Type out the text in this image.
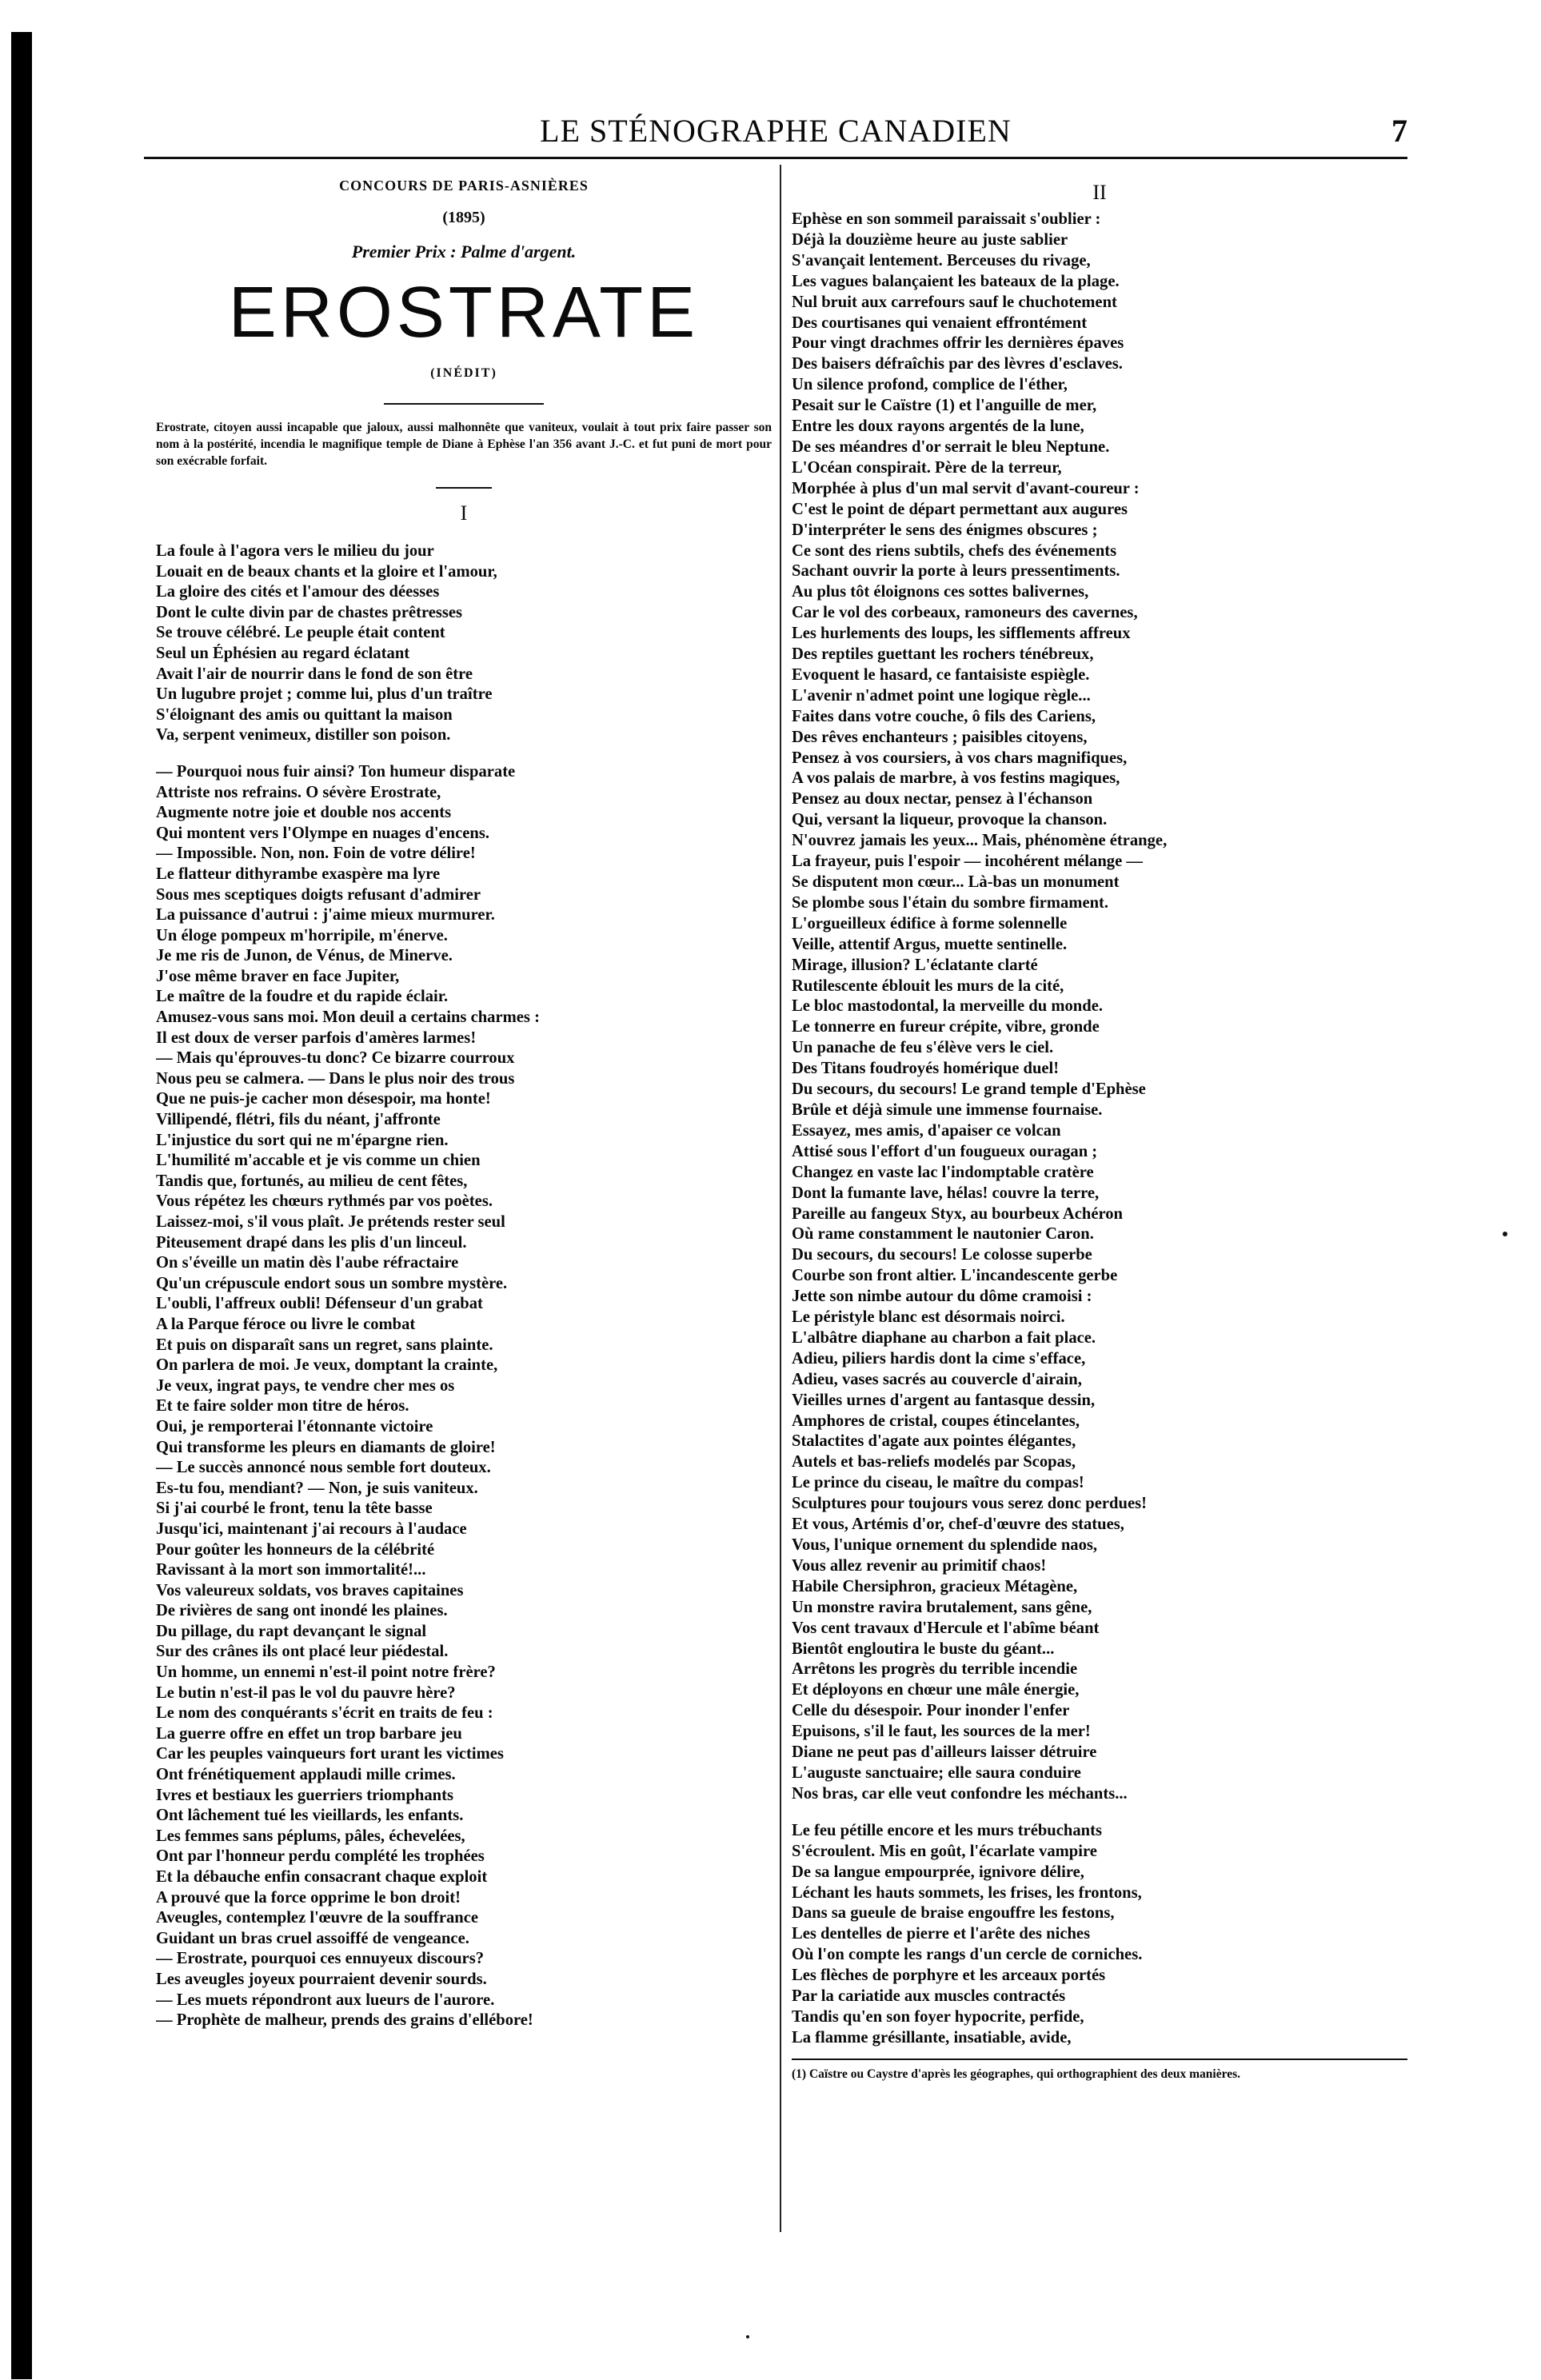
LE STÉNOGRAPHE CANADIEN	7
CONCOURS DE PARIS-ASNIÈRES
(1895)
Premier Prix : Palme d'argent.
EROSTRATE
(INÉDIT)
Erostrate, citoyen aussi incapable que jaloux, aussi malhonnête que vaniteux, voulait à tout prix faire passer son nom à la postérité, incendia le magnifique temple de Diane à Ephèse l'an 356 avant J.-C. et fut puni de mort pour son exécrable forfait.
I
La foule à l'agora vers le milieu du jour
Louait en de beaux chants et la gloire et l'amour,
La gloire des cités et l'amour des déesses
Dont le culte divin par de chastes prêtresses
Se trouve célébré. Le peuple était content
Seul un Éphésien au regard éclatant
Avait l'air de nourrir dans le fond de son être
Un lugubre projet ; comme lui, plus d'un traître
S'éloignant des amis ou quittant la maison
Va, serpent venimeux, distiller son poison.
— Pourquoi nous fuir ainsi? Ton humeur disparate
Attriste nos refrains. O sévère Erostrate,
Augmente notre joie et double nos accents
Qui montent vers l'Olympe en nuages d'encens.
— Impossible. Non, non. Foin de votre délire!
Le flatteur dithyrambe exaspère ma lyre
Sous mes sceptiques doigts refusant d'admirer
La puissance d'autrui : j'aime mieux murmurer.
Un éloge pompeux m'horripile, m'énerve.
Je me ris de Junon, de Vénus, de Minerve.
J'ose même braver en face Jupiter,
Le maître de la foudre et du rapide éclair.
Amusez-vous sans moi. Mon deuil a certains charmes :
Il est doux de verser parfois d'amères larmes!
— Mais qu'éprouves-tu donc? Ce bizarre courroux
Nous peu se calmera. — Dans le plus noir des trous
Que ne puis-je cacher mon désespoir, ma honte!
Villipendé, flétri, fils du néant, j'affronte
L'injustice du sort qui ne m'épargne rien.
L'humilité m'accable et je vis comme un chien
Tandis que, fortunés, au milieu de cent fêtes,
Vous répétez les chœurs rythmés par vos poètes.
Laissez-moi, s'il vous plaît. Je prétends rester seul
Piteusement drapé dans les plis d'un linceul.
On s'éveille un matin dès l'aube réfractaire
Qu'un crépuscule endort sous un sombre mystère.
L'oubli, l'affreux oubli! Défenseur d'un grabat
A la Parque féroce ou livre le combat
Et puis on disparaît sans un regret, sans plainte.
On parlera de moi. Je veux, domptant la crainte,
Je veux, ingrat pays, te vendre cher mes os
Et te faire solder mon titre de héros.
Oui, je remporterai l'étonnante victoire
Qui transforme les pleurs en diamants de gloire!
— Le succès annoncé nous semble fort douteux.
Es-tu fou, mendiant? — Non, je suis vaniteux.
Si j'ai courbé le front, tenu la tête basse
Jusqu'ici, maintenant j'ai recours à l'audace
Pour goûter les honneurs de la célébrité
Ravissant à la mort son immortalité!...
Vos valeureux soldats, vos braves capitaines
De rivières de sang ont inondé les plaines.
Du pillage, du rapt devançant le signal
Sur des crânes ils ont placé leur piédestal.
Un homme, un ennemi n'est-il point notre frère?
Le butin n'est-il pas le vol du pauvre hère?
Le nom des conquérants s'écrit en traits de feu :
La guerre offre en effet un trop barbare jeu
Car les peuples vainqueurs fort urant les victimes
Ont frénétiquement applaudi mille crimes.
Ivres et bestiaux les guerriers triomphants
Ont lâchement tué les vieillards, les enfants.
Les femmes sans péplums, pâles, échevelées,
Ont par l'honneur perdu complété les trophées
Et la débauche enfin consacrant chaque exploit
A prouvé que la force opprime le bon droit!
Aveugles, contemplez l'œuvre de la souffrance
Guidant un bras cruel assoiffé de vengeance.
— Erostrate, pourquoi ces ennuyeux discours?
Les aveugles joyeux pourraient devenir sourds.
— Les muets répondront aux lueurs de l'aurore.
— Prophète de malheur, prends des grains d'ellébore!
II
Ephèse en son sommeil paraissait s'oublier :
Déjà la douzième heure au juste sablier
S'avançait lentement. Berceuses du rivage,
Les vagues balançaient les bateaux de la plage.
Nul bruit aux carrefours sauf le chuchotement
Des courtisanes qui venaient effrontément
Pour vingt drachmes offrir les dernières épaves
Des baisers défraîchis par des lèvres d'esclaves.
Un silence profond, complice de l'éther,
Pesait sur le Caïstre (1) et l'anguille de mer,
Entre les doux rayons argentés de la lune,
De ses méandres d'or serrait le bleu Neptune.
L'Océan conspirait. Père de la terreur,
Morphée à plus d'un mal servit d'avant-coureur :
C'est le point de départ permettant aux augures
D'interpréter le sens des énigmes obscures ;
Ce sont des riens subtils, chefs des événements
Sachant ouvrir la porte à leurs pressentiments.
Au plus tôt éloignons ces sottes balivernes,
Car le vol des corbeaux, ramoneurs des cavernes,
Les hurlements des loups, les sifflements affreux
Des reptiles guettant les rochers ténébreux,
Evoquent le hasard, ce fantaisiste espiègle.
L'avenir n'admet point une logique règle...
Faites dans votre couche, ô fils des Cariens,
Des rêves enchanteurs ; paisibles citoyens,
Pensez à vos coursiers, à vos chars magnifiques,
A vos palais de marbre, à vos festins magiques,
Pensez au doux nectar, pensez à l'échanson
Qui, versant la liqueur, provoque la chanson.
N'ouvrez jamais les yeux... Mais, phénomène étrange,
La frayeur, puis l'espoir — incohérent mélange —
Se disputent mon cœur... Là-bas un monument
Se plombe sous l'étain du sombre firmament.
L'orgueilleux édifice à forme solennelle
Veille, attentif Argus, muette sentinelle.
Mirage, illusion? L'éclatante clarté
Rutilescente éblouit les murs de la cité,
Le bloc mastodontal, la merveille du monde.
Le tonnerre en fureur crépite, vibre, gronde
Un panache de feu s'élève vers le ciel.
Des Titans foudroyés homérique duel!
Du secours, du secours! Le grand temple d'Ephèse
Brûle et déjà simule une immense fournaise.
Essayez, mes amis, d'apaiser ce volcan
Attisé sous l'effort d'un fougueux ouragan ;
Changez en vaste lac l'indomptable cratère
Dont la fumante lave, hélas! couvre la terre,
Pareille au fangeux Styx, au bourbeux Achéron
Où rame constamment le nautonier Caron.
Du secours, du secours! Le colosse superbe
Courbe son front altier. L'incandescente gerbe
Jette son nimbe autour du dôme cramoisi :
Le péristyle blanc est désormais noirci.
L'albâtre diaphane au charbon a fait place.
Adieu, piliers hardis dont la cime s'efface,
Adieu, vases sacrés au couvercle d'airain,
Vieilles urnes d'argent au fantasque dessin,
Amphores de cristal, coupes étincelantes,
Stalactites d'agate aux pointes élégantes,
Autels et bas-reliefs modelés par Scopas,
Le prince du ciseau, le maître du compas!
Sculptures pour toujours vous serez donc perdues!
Et vous, Artémis d'or, chef-d'œuvre des statues,
Vous, l'unique ornement du splendide naos,
Vous allez revenir au primitif chaos!
Habile Chersiphron, gracieux Métagène,
Un monstre ravira brutalement, sans gêne,
Vos cent travaux d'Hercule et l'abîme béant
Bientôt engloutira le buste du géant...
Arrêtons les progrès du terrible incendie
Et déployons en chœur une mâle énergie,
Celle du désespoir. Pour inonder l'enfer
Epuisons, s'il le faut, les sources de la mer!
Diane ne peut pas d'ailleurs laisser détruire
L'auguste sanctuaire; elle saura conduire
Nos bras, car elle veut confondre les méchants...
Le feu pétille encore et les murs trébuchants
S'écroulent. Mis en goût, l'écarlate vampire
De sa langue empourprée, ignivore délire,
Léchant les hauts sommets, les frises, les frontons,
Dans sa gueule de braise engouffre les festons,
Les dentelles de pierre et l'arête des niches
Où l'on compte les rangs d'un cercle de corniches.
Les flèches de porphyre et les arceaux portés
Par la cariatide aux muscles contractés
Tandis qu'en son foyer hypocrite, perfide,
La flamme grésillante, insatiable, avide,
(1) Caïstre ou Caystre d'après les géographes, qui orthographient des deux manières.
